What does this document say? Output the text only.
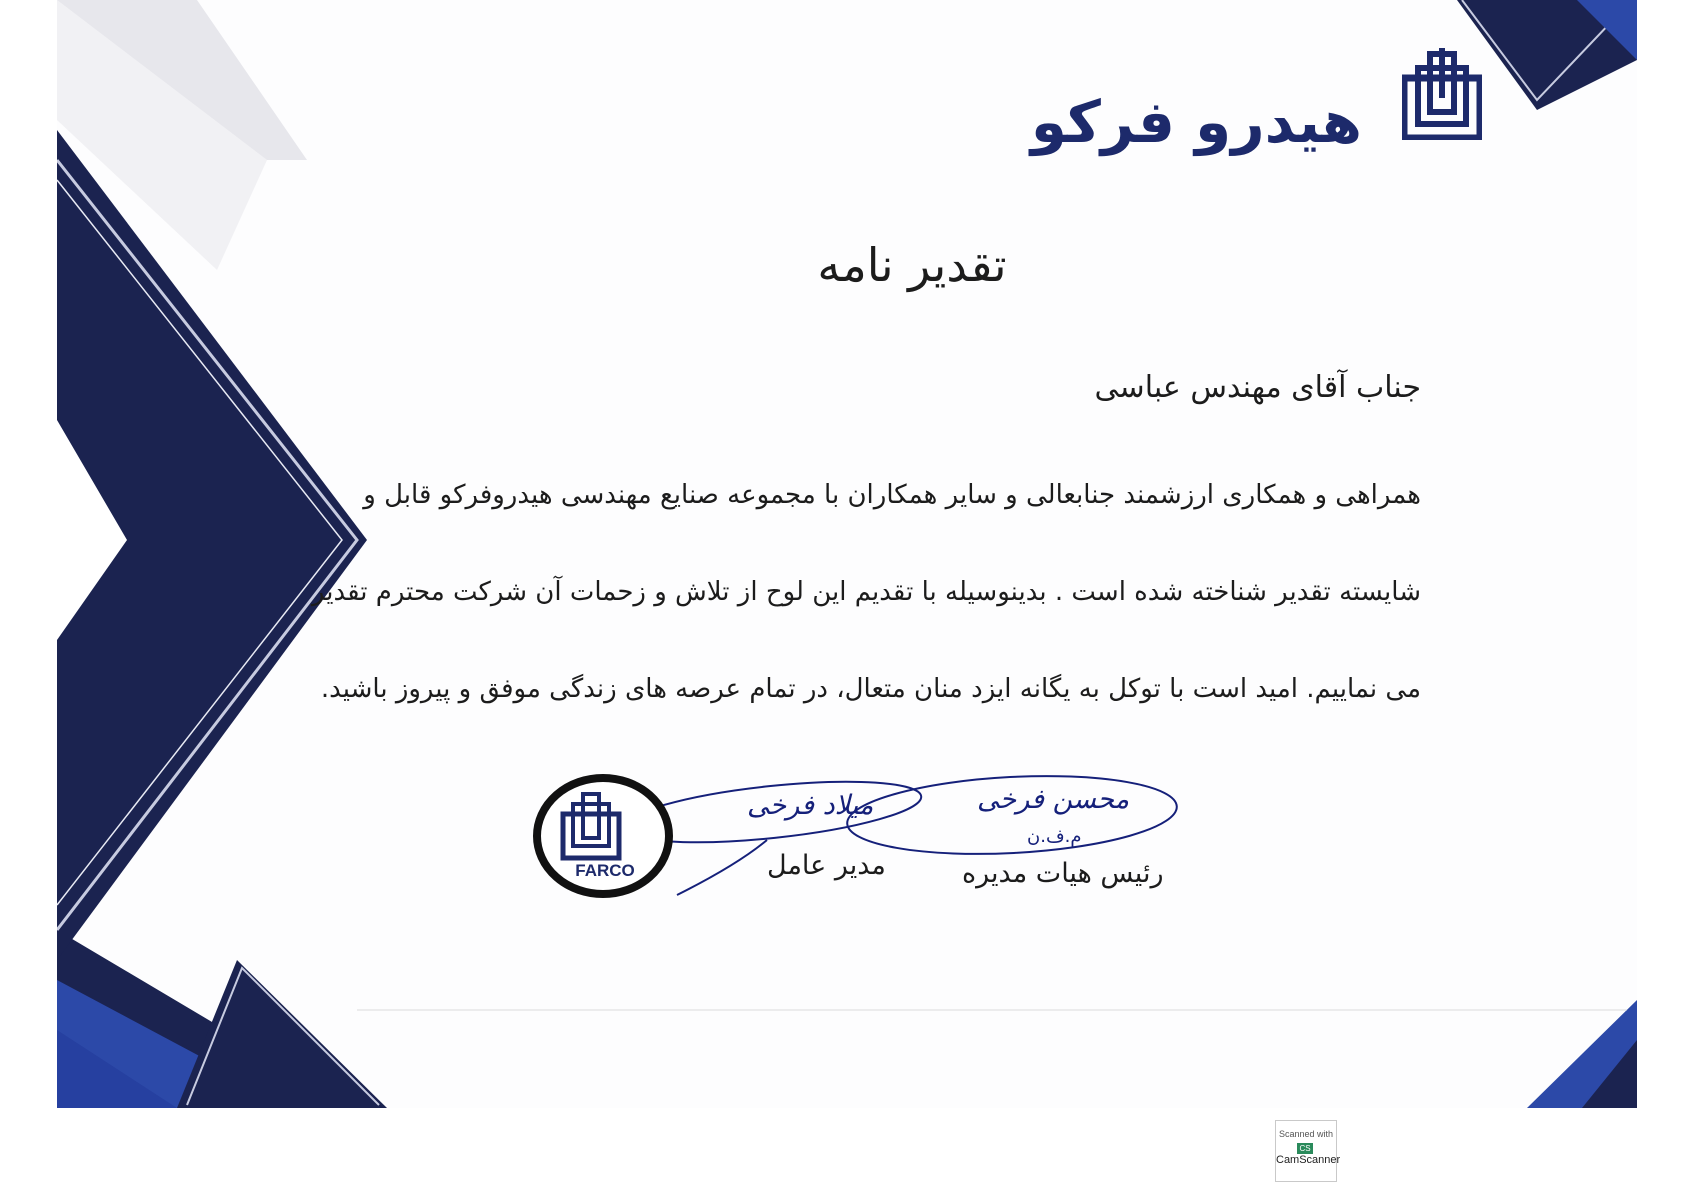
هیدرو فرکو
تقدیر نامه
جناب آقای مهندس عباسی
همراهی و همکاری ارزشمند جنابعالی و سایر همکاران با مجموعه صنایع مهندسی هیدروفرکو قابل و
شایسته تقدیر شناخته شده است . بدینوسیله با تقدیم این لوح از تلاش و زحمات آن شرکت محترم تقدیر
می نماییم. امید است با توکل به یگانه ایزد منان متعال، در تمام عرصه های زندگی موفق و پیروز باشید.
محسن فرخی
م.ف.ن
رئیس هیات مدیره
میلاد فرخی
مدیر عامل
FARCO
Scanned with
CSCamScanner
